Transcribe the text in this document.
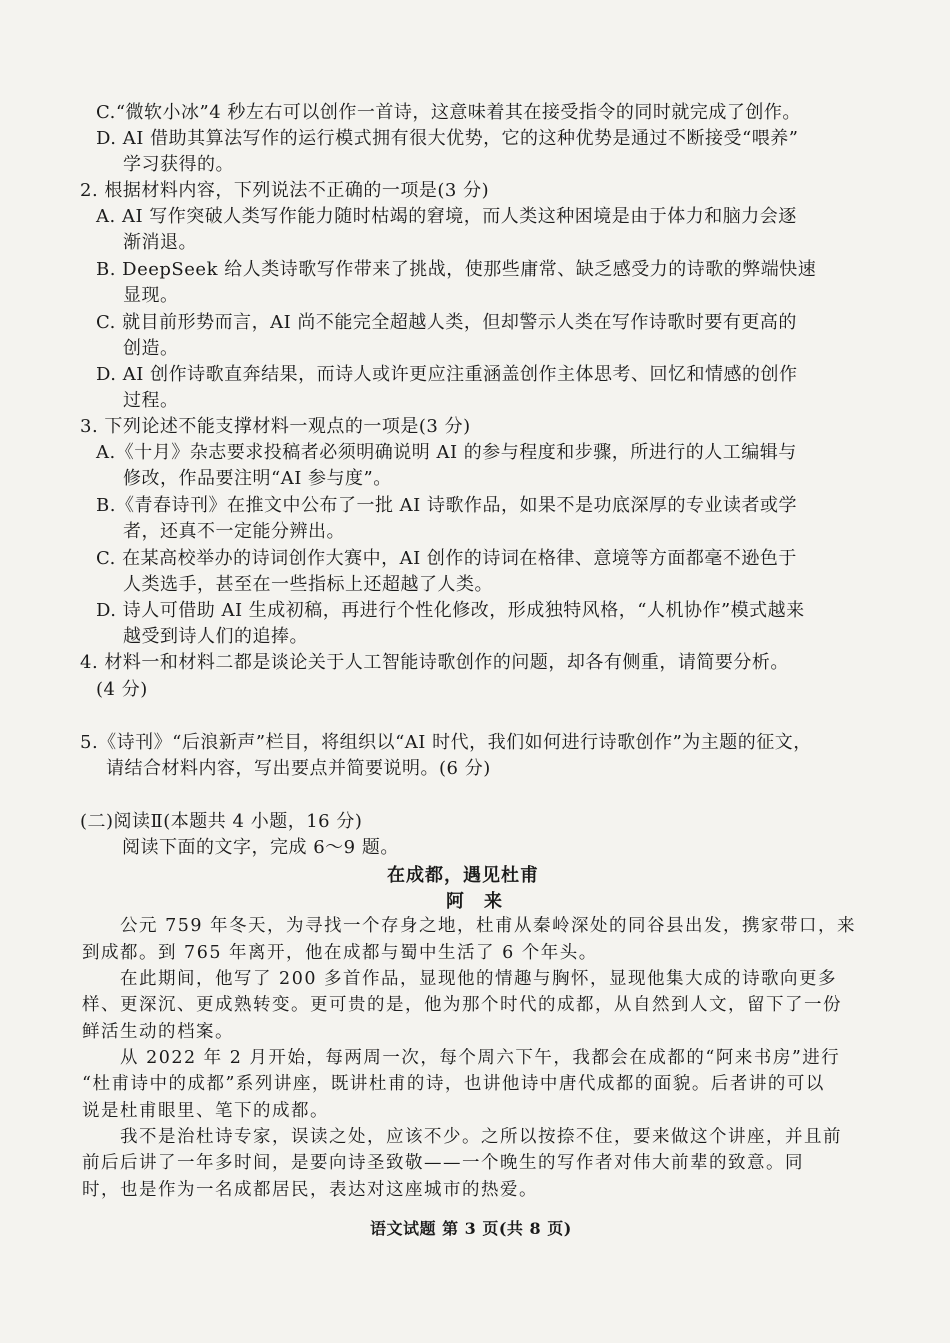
C.“微软小冰”4 秒左右可以创作一首诗，这意味着其在接受指令的同时就完成了创作。
D. AI 借助其算法写作的运行模式拥有很大优势，它的这种优势是通过不断接受“喂养”
学习获得的。
2. 根据材料内容，下列说法不正确的一项是(3 分)
A. AI 写作突破人类写作能力随时枯竭的窘境，而人类这种困境是由于体力和脑力会逐
渐消退。
B. DeepSeek 给人类诗歌写作带来了挑战，使那些庸常、缺乏感受力的诗歌的弊端快速
显现。
C. 就目前形势而言，AI 尚不能完全超越人类，但却警示人类在写作诗歌时要有更高的
创造。
D. AI 创作诗歌直奔结果，而诗人或许更应注重涵盖创作主体思考、回忆和情感的创作
过程。
3. 下列论述不能支撑材料一观点的一项是(3 分)
A.《十月》杂志要求投稿者必须明确说明 AI 的参与程度和步骤，所进行的人工编辑与
修改，作品要注明“AI 参与度”。
B.《青春诗刊》在推文中公布了一批 AI 诗歌作品，如果不是功底深厚的专业读者或学
者，还真不一定能分辨出。
C. 在某高校举办的诗词创作大赛中，AI 创作的诗词在格律、意境等方面都毫不逊色于
人类选手，甚至在一些指标上还超越了人类。
D. 诗人可借助 AI 生成初稿，再进行个性化修改，形成独特风格，“人机协作”模式越来
越受到诗人们的追捧。
4. 材料一和材料二都是谈论关于人工智能诗歌创作的问题，却各有侧重，请简要分析。
(4 分)
5.《诗刊》“后浪新声”栏目，将组织以“AI 时代，我们如何进行诗歌创作”为主题的征文，
请结合材料内容，写出要点并简要说明。(6 分)
(二)阅读Ⅱ(本题共 4 小题，16 分)
阅读下面的文字，完成 6～9 题。
在成都，遇见杜甫
阿　来
公元 759 年冬天，为寻找一个存身之地，杜甫从秦岭深处的同谷县出发，携家带口，来
到成都。到 765 年离开，他在成都与蜀中生活了 6 个年头。
在此期间，他写了 200 多首作品，显现他的情趣与胸怀，显现他集大成的诗歌向更多
样、更深沉、更成熟转变。更可贵的是，他为那个时代的成都，从自然到人文，留下了一份
鲜活生动的档案。
从 2022 年 2 月开始，每两周一次，每个周六下午，我都会在成都的“阿来书房”进行
“杜甫诗中的成都”系列讲座，既讲杜甫的诗，也讲他诗中唐代成都的面貌。后者讲的可以
说是杜甫眼里、笔下的成都。
我不是治杜诗专家，误读之处，应该不少。之所以按捺不住，要来做这个讲座，并且前
前后后讲了一年多时间，是要向诗圣致敬——一个晚生的写作者对伟大前辈的致意。同
时，也是作为一名成都居民，表达对这座城市的热爱。
语文试题 第 3 页(共 8 页)
